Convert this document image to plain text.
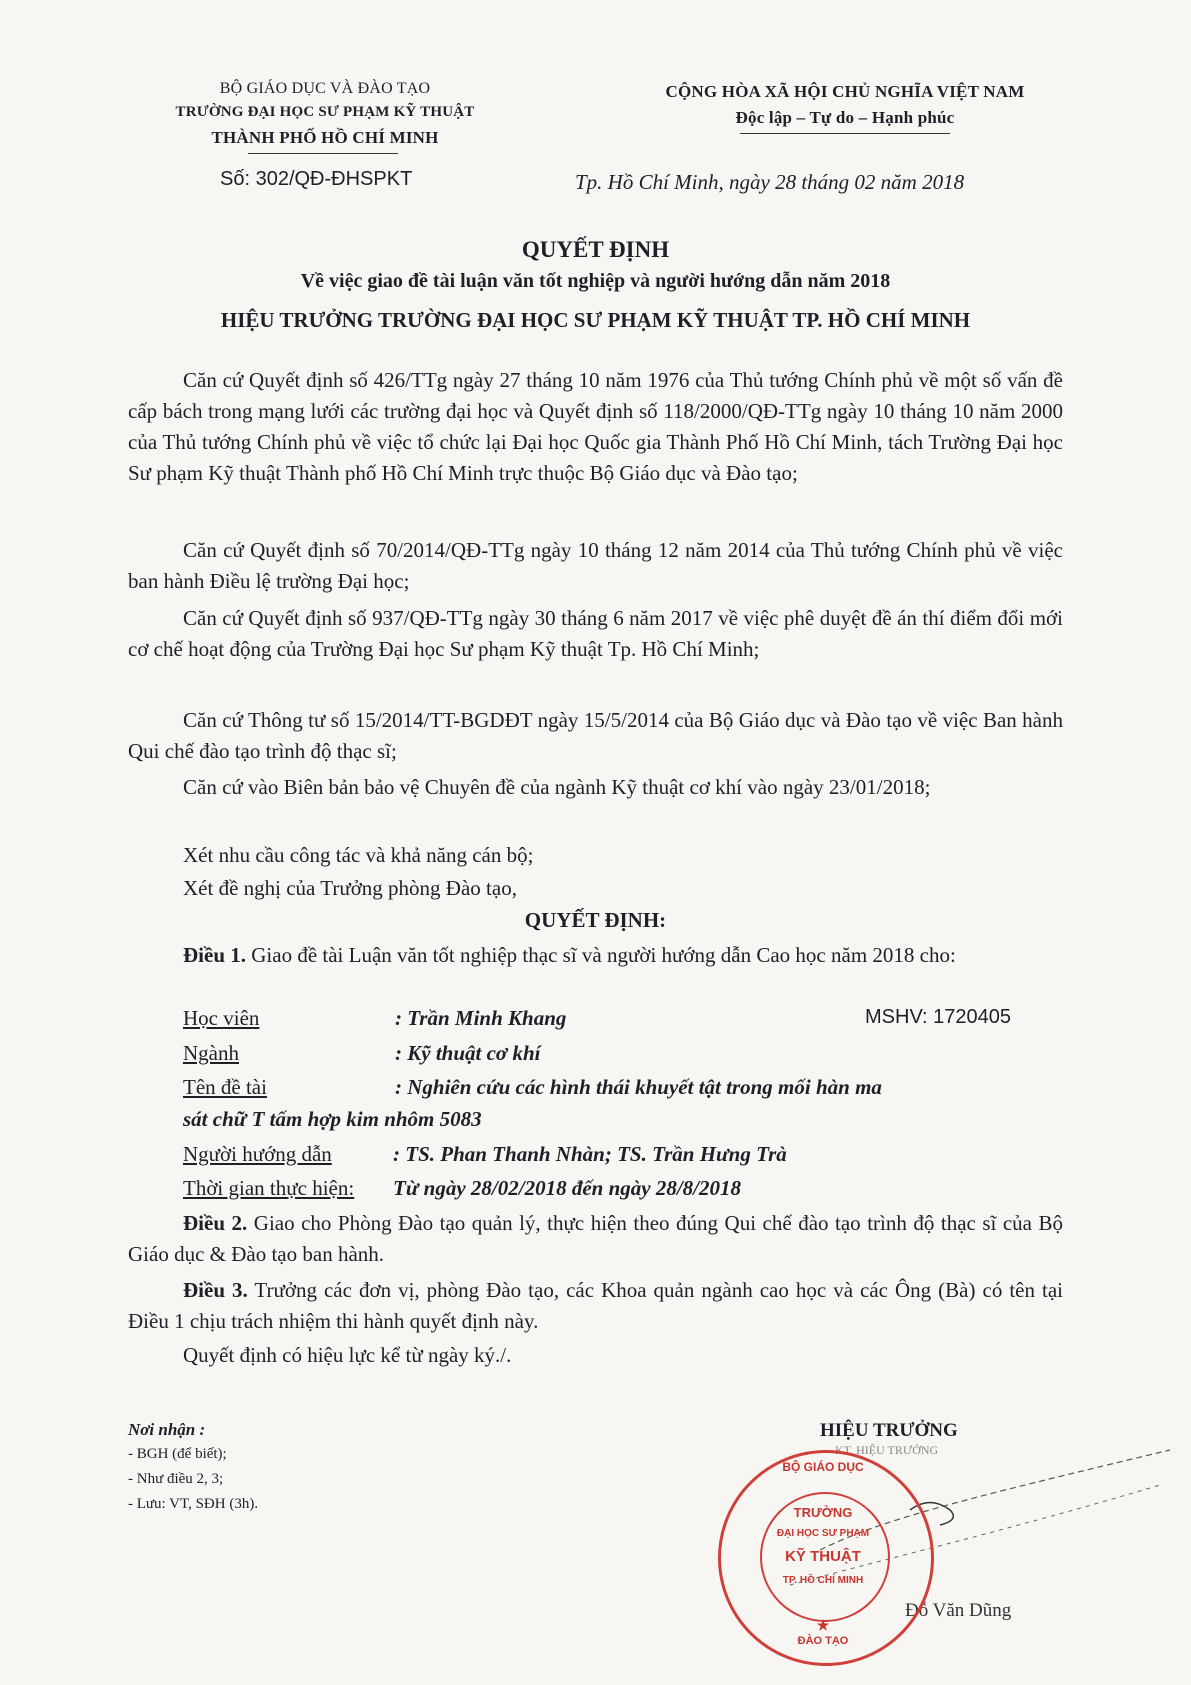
BỘ GIÁO DỤC VÀ ĐÀO TẠO
TRƯỜNG ĐẠI HỌC SƯ PHẠM KỸ THUẬT
THÀNH PHỐ HỒ CHÍ MINH
Số: 302/QĐ-ĐHSPKT
CỘNG HÒA XÃ HỘI CHỦ NGHĨA VIỆT NAM
Độc lập – Tự do – Hạnh phúc
Tp. Hồ Chí Minh, ngày 28 tháng 02 năm 2018
QUYẾT ĐỊNH
Về việc giao đề tài luận văn tốt nghiệp và người hướng dẫn năm 2018
HIỆU TRƯỞNG TRƯỜNG ĐẠI HỌC SƯ PHẠM KỸ THUẬT TP. HỒ CHÍ MINH
Căn cứ Quyết định số 426/TTg ngày 27 tháng 10 năm 1976 của Thủ tướng Chính phủ về một số vấn đề cấp bách trong mạng lưới các trường đại học và Quyết định số 118/2000/QĐ-TTg ngày 10 tháng 10 năm 2000 của Thủ tướng Chính phủ về việc tổ chức lại Đại học Quốc gia Thành Phố Hồ Chí Minh, tách Trường Đại học Sư phạm Kỹ thuật Thành phố Hồ Chí Minh trực thuộc Bộ Giáo dục và Đào tạo;
Căn cứ Quyết định số 70/2014/QĐ-TTg ngày 10 tháng 12 năm 2014 của Thủ tướng Chính phủ về việc ban hành Điều lệ trường Đại học;
Căn cứ Quyết định số 937/QĐ-TTg ngày 30 tháng 6 năm 2017 về việc phê duyệt đề án thí điểm đổi mới cơ chế hoạt động của Trường Đại học Sư phạm Kỹ thuật Tp. Hồ Chí Minh;
Căn cứ Thông tư số 15/2014/TT-BGDĐT ngày 15/5/2014 của Bộ Giáo dục và Đào tạo về việc Ban hành Qui chế đào tạo trình độ thạc sĩ;
Căn cứ vào Biên bản bảo vệ Chuyên đề của ngành Kỹ thuật cơ khí vào ngày 23/01/2018;
Xét nhu cầu công tác và khả năng cán bộ;
Xét đề nghị của Trưởng phòng Đào tạo,
QUYẾT ĐỊNH:
Điều 1. Giao đề tài Luận văn tốt nghiệp thạc sĩ và người hướng dẫn Cao học năm 2018 cho:
Học viên	: Trần Minh Khang	MSHV: 1720405
Ngành	: Kỹ thuật cơ khí
Tên đề tài	: Nghiên cứu các hình thái khuyết tật trong mối hàn ma
sát chữ T tấm hợp kim nhôm 5083
Người hướng dẫn	: TS. Phan Thanh Nhàn; TS. Trần Hưng Trà
Thời gian thực hiện: Từ ngày 28/02/2018 đến ngày 28/8/2018
Điều 2. Giao cho Phòng Đào tạo quản lý, thực hiện theo đúng Qui chế đào tạo trình độ thạc sĩ của Bộ Giáo dục & Đào tạo ban hành.
Điều 3. Trưởng các đơn vị, phòng Đào tạo, các Khoa quản ngành cao học và các Ông (Bà) có tên tại Điều 1 chịu trách nhiệm thi hành quyết định này.
Quyết định có hiệu lực kể từ ngày ký./.
Nơi nhận :
- BGH (để biết);
- Như điều 2, 3;
- Lưu: VT, SĐH (3h).
HIỆU TRƯỞNG
KT. HIỆU TRƯỞNG
Đỗ Văn Dũng
BỘ GIÁO DỤC
TRƯỜNG
ĐẠI HỌC SƯ PHẠM
KỸ THUẬT
TP. HỒ CHÍ MINH
ĐÀO TẠO
★
